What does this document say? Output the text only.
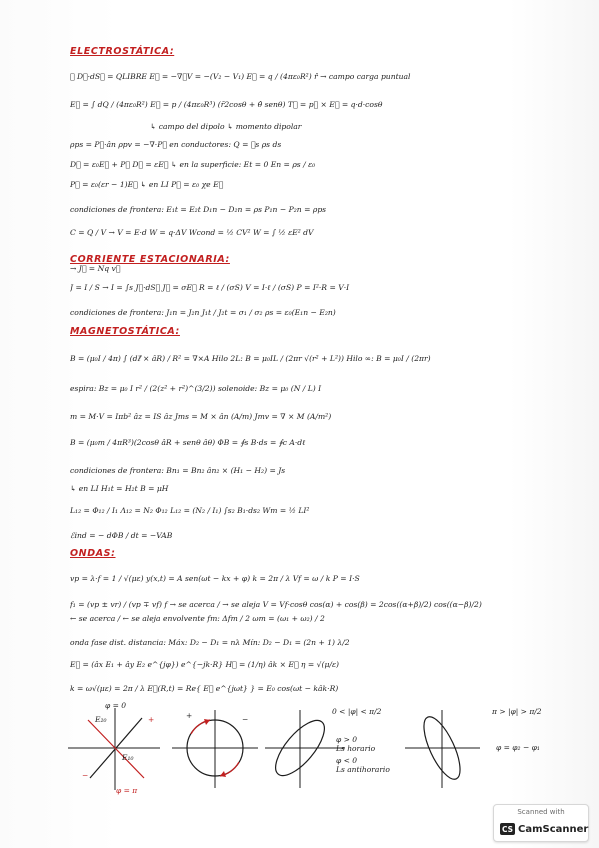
ELECTROSTÁTICA:
∮ D⃗·dS⃗ = QLIBRE E⃗ = −∇⃗V = −(V₂ − V₁) E⃗ = q / (4πε₀R²) r̂ → campo carga puntual
E⃗ = ∫ dQ / (4πε₀R²) E⃗ = p / (4πε₀R³) (ȓ2cosθ + θ̂ senθ) T⃗ = p⃗ × E⃗ = q·d·cosθ
↳ campo del dipolo ↳ momento dipolar
ρps = P⃗·ân ρpv = −∇·P⃗ en conductores: Q = ∮s ρs ds
D⃗ = ε₀E⃗ + P⃗ D⃗ = εE⃗ ↳ en la superficie: Et = 0 En = ρs / ε₀
P⃗ = ε₀(εr − 1)E⃗ ↳ en LI P⃗ = ε₀ χe E⃗
condiciones de frontera: E₁t = E₂t D₁n − D₂n = ρs P₁n − P₂n = ρps
C = Q / V → V = E·d W = q·ΔV Wcond = ½ CV² W = ∫ ½ εE² dV
CORRIENTE ESTACIONARIA:
→ J⃗ = Nq v⃗
J = I / S → I = ∫s J⃗·dS⃗ J⃗ = σE⃗ R = ℓ / (σS) V = I·ℓ / (σS) P = I²·R = V·I
condiciones de frontera: J₁n = J₂n J₁t / J₂t = σ₁ / σ₂ ρs = ε₀(E₁n − E₂n)
MAGNETOSTÁTICA:
B = (μ₀I / 4π) ∫ (dℓ⃗ × âR) / R² = ∇×A Hilo 2L: B = μ₀IL / (2πr √(r² + L²)) Hilo ∞: B = μ₀I / (2πr)
espira: Bz = μ₀ I r² / (2(z² + r²)^(3/2)) solenoide: Bz = μ₀ (N / L) I
m = M·V = Iπb² âz = IS âz Jms = M × ân (A/m) Jmv = ∇ × M (A/m²)
B = (μ₀m / 4πR³)(2cosθ âR + senθ âθ) ΦB = ∮s B·ds = ∮c A·dℓ
condiciones de frontera: Bn₁ = Bn₂ ân₂ × (H₁ − H₂) = Js
↳ en LI H₁t = H₂t B = μH
L₁₂ = Φ₁₂ / I₁ Λ₁₂ = N₂ Φ₁₂ L₁₂ = (N₂ / I₁) ∫s₂ B₁·ds₂ Wm = ½ LI²
ℰind = − dΦB / dt = −VAB
ONDAS:
vp = λ·f = 1 / √(με) y(x,t) = A sen(ωt − kx + φ) k = 2π / λ Vf = ω / k P = I·S
f₁ = (vp ± vr) / (vp ∓ vf) f → se acerca / → se aleja V = Vf·cosθ cos(α) + cos(β) = 2cos((α+β)/2) cos((α−β)/2)
← se acerca / ← se aleja envolvente fm: Δfm / 2 ωm = (ω₁ + ω₂) / 2
onda fase dist. distancia: Máx: D₂ − D₁ = nλ Mín: D₂ − D₁ = (2n + 1) λ/2
E⃗ = (âx E₁ + ây E₂ e^{jφ}) e^{−jk·R} H⃗ = (1/η) âk × E⃗ η = √(μ/ε)
k = ω√(με) = 2π / λ E⃗(R,t) = Re{ E⃗ e^{jωt} } = E₀ cos(ωt − kâk·R)
φ = 0
E₂₀
E₁₀
+
−
φ = π
+	−
0 < |φ| < π/2
φ > 0
Ls horario
φ < 0
Ls antihorario
π > |φ| > π/2
φ = φ₂ − φ₁
Scanned with
CS CamScanner
